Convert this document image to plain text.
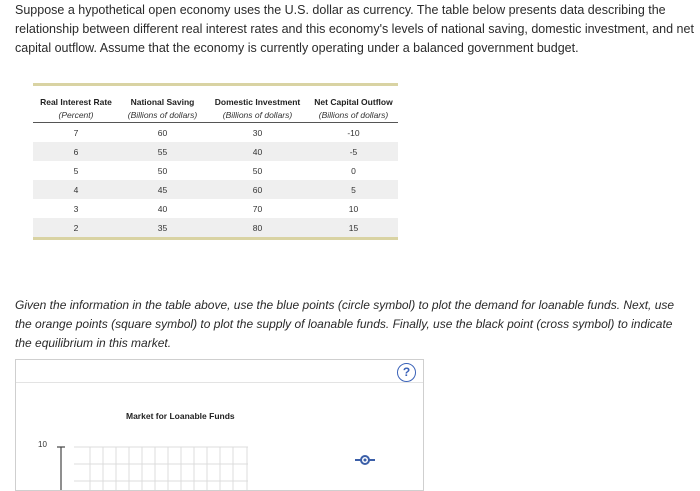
Suppose a hypothetical open economy uses the U.S. dollar as currency. The table below presents data describing the relationship between different real interest rates and this economy's levels of national saving, domestic investment, and net capital outflow. Assume that the economy is currently operating under a balanced government budget.

Real Interest Rate	National Saving	Domestic Investment	Net Capital Outflow
(Percent)	(Billions of dollars)	(Billions of dollars)	(Billions of dollars)
7	60	30	-10
6	55	40	-5
5	50	50	0
4	45	60	5
3	40	70	10
2	35	80	15

Given the information in the table above, use the blue points (circle symbol) to plot the demand for loanable funds. Next, use the orange points (square symbol) to plot the supply of loanable funds. Finally, use the black point (cross symbol) to indicate the equilibrium in this market.

?
Market for Loanable Funds
10
